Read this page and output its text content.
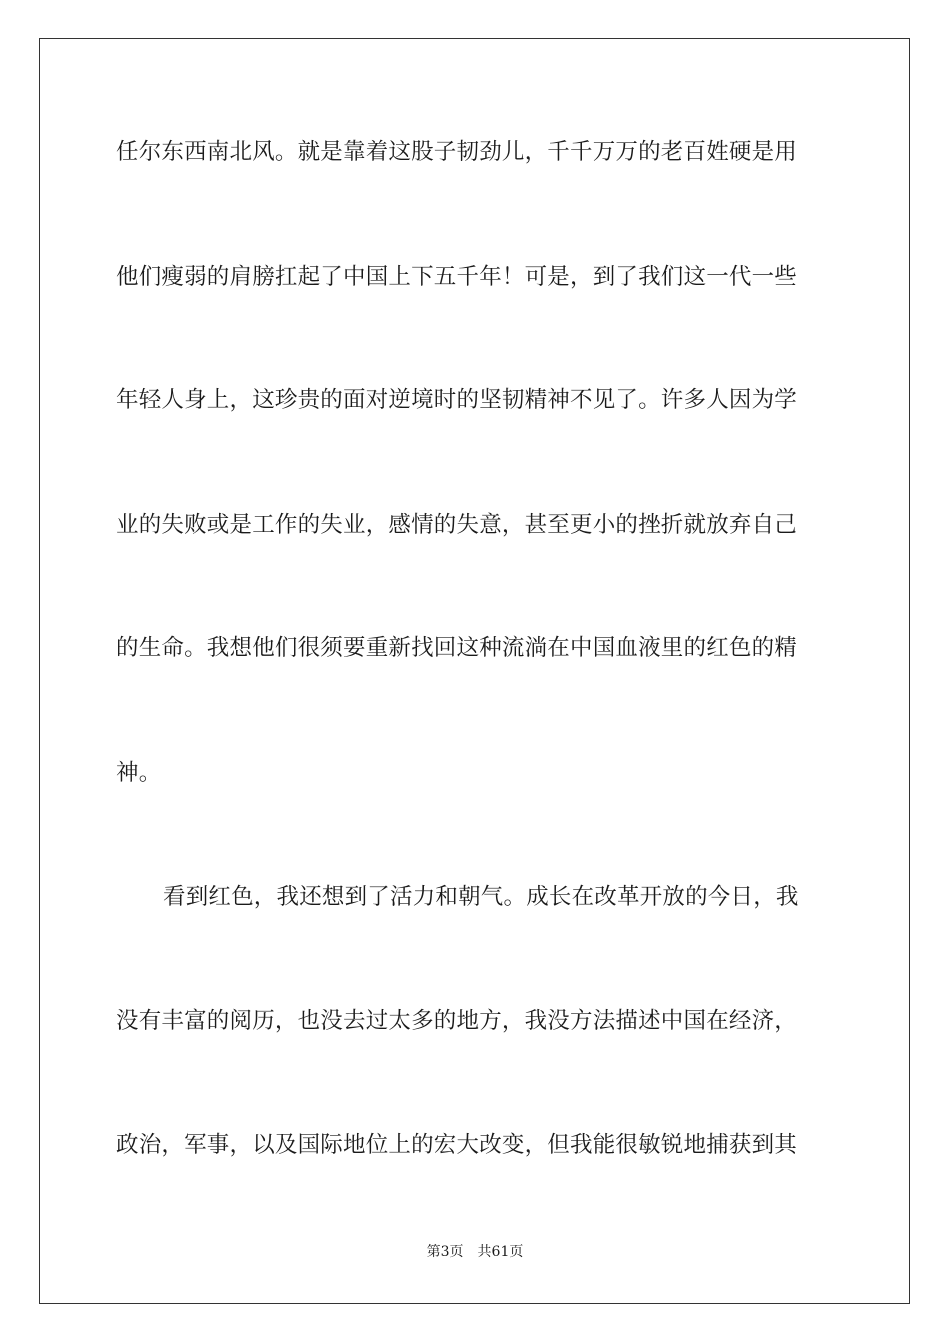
任尔东西南北风。就是靠着这股子韧劲儿，千千万万的老百姓硬是用
他们瘦弱的肩膀扛起了中国上下五千年！可是，到了我们这一代一些
年轻人身上，这珍贵的面对逆境时的坚韧精神不见了。许多人因为学
业的失败或是工作的失业，感情的失意，甚至更小的挫折就放弃自己
的生命。我想他们很须要重新找回这种流淌在中国血液里的红色的精
神。
看到红色，我还想到了活力和朝气。成长在改革开放的今日，我
没有丰富的阅历，也没去过太多的地方，我没方法描述中国在经济，
政治，军事，以及国际地位上的宏大改变，但我能很敏锐地捕获到其
第3页 共61页
